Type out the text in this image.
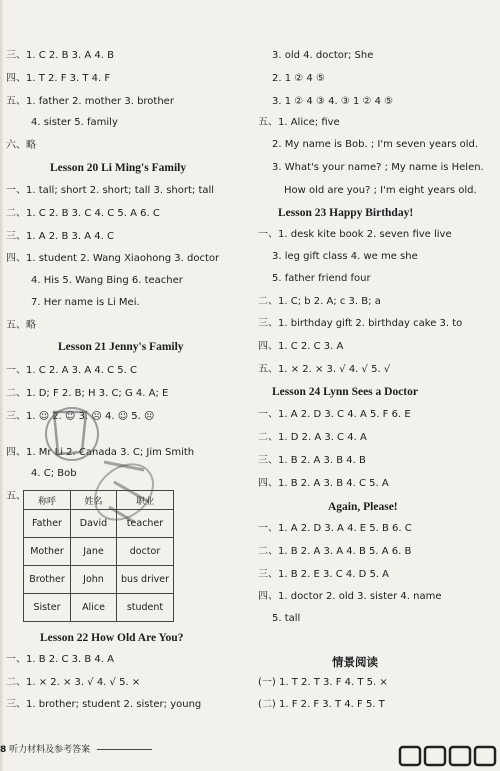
三、1. C 2. B 3. A 4. B
四、1. T 2. F 3. T 4. F
五、1. father 2. mother 3. brother
4. sister 5. family
六、略
Lesson 20 Li Ming's Family
一、1. tall; short 2. short; tall 3. short; tall
二、1. C 2. B 3. C 4. C 5. A 6. C
三、1. A 2. B 3. A 4. C
四、1. student 2. Wang Xiaohong 3. doctor
4. His 5. Wang Bing 6. teacher
7. Her name is Li Mei.
五、略
Lesson 21 Jenny's Family
一、1. C 2. A 3. A 4. C 5. C
二、1. D; F 2. B; H 3. C; G 4. A; E
三、1. ☺ 2. ☺ 3. ☹ 4. ☺ 5. ☹
四、1. Mr Li 2. Canada 3. C; Jim Smith
4. C; Bob
五、
Lesson 22 How Old Are You?
一、1. B 2. C 3. B 4. A
二、1. × 2. × 3. √ 4. √ 5. ×
三、1. brother; student 2. sister; young
3. old 4. doctor; She
2. 1 ② 4 ⑤
3. 1 ② 4 ③ 4. ③ 1 ② 4 ⑤
五、1. Alice; five
2. My name is Bob. ; I'm seven years old.
3. What's your name? ; My name is Helen.
How old are you? ; I'm eight years old.
Lesson 23 Happy Birthday!
一、1. desk kite book 2. seven five live
3. leg gift class 4. we me she
5. father friend four
二、1. C; b 2. A; c 3. B; a
三、1. birthday gift 2. birthday cake 3. to
四、1. C 2. C 3. A
五、1. × 2. × 3. √ 4. √ 5. √
Lesson 24 Lynn Sees a Doctor
一、1. A 2. D 3. C 4. A 5. F 6. E
二、1. D 2. A 3. C 4. A
三、1. B 2. A 3. B 4. B
四、1. B 2. A 3. B 4. C 5. A
Again, Please!
一、1. A 2. D 3. A 4. E 5. B 6. C
二、1. B 2. A 3. A 4. B 5. A 6. B
三、1. B 2. E 3. C 4. D 5. A
四、1. doctor 2. old 3. sister 4. name
5. tall
情景阅读
(一) 1. T 2. T 3. F 4. T 5. ×
(二) 1. F 2. F 3. T 4. F 5. T
称呼	姓名	职业
Father	David	teacher
Mother	Jane	doctor
Brother	John	bus driver
Sister	Alice	student
8 听力材料及参考答案
